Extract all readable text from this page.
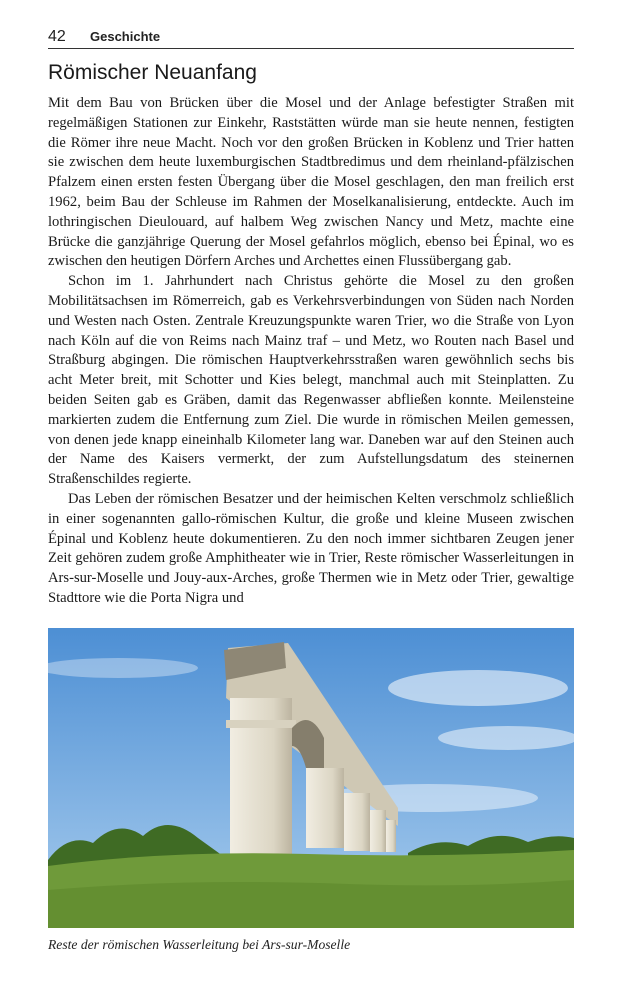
42 Geschichte
Römischer Neuanfang

Mit dem Bau von Brücken über die Mosel und der Anlage befestigter Straßen mit regelmäßigen Stationen zur Einkehr, Raststätten würde man sie heute nennen, festigten die Römer ihre neue Macht. Noch vor den großen Brücken in Koblenz und Trier hatten sie zwischen dem heute luxemburgischen Stadtbredimus und dem rheinland-pfälzischen Pfalzem einen ersten festen Übergang über die Mosel geschlagen, den man freilich erst 1962, beim Bau der Schleuse im Rahmen der Moselkanalisierung, entdeckte. Auch im lothringischen Dieulouard, auf halbem Weg zwischen Nancy und Metz, machte eine Brücke die ganzjährige Querung der Mosel gefahrlos möglich, ebenso bei Épinal, wo es zwischen den heutigen Dörfern Arches und Archettes einen Flussübergang gab.

Schon im 1. Jahrhundert nach Christus gehörte die Mosel zu den großen Mobilitätsachsen im Römerreich, gab es Verkehrsverbindungen von Süden nach Norden und Westen nach Osten. Zentrale Kreuzungspunkte waren Trier, wo die Straße von Lyon nach Köln auf die von Reims nach Mainz traf – und Metz, wo Routen nach Basel und Straßburg abgingen. Die römischen Hauptverkehrsstraßen waren gewöhnlich sechs bis acht Meter breit, mit Schotter und Kies belegt, manchmal auch mit Steinplatten. Zu beiden Seiten gab es Gräben, damit das Regenwasser abfließen konnte. Meilensteine markierten zudem die Entfernung zum Ziel. Die wurde in römischen Meilen gemessen, von denen jede knapp eineinhalb Kilometer lang war. Daneben war auf den Steinen auch der Name des Kaisers vermerkt, der zum Aufstellungsdatum des steinernen Straßenschildes regierte.

Das Leben der römischen Besatzer und der heimischen Kelten verschmolz schließlich in einer sogenannten gallo-römischen Kultur, die große und kleine Museen zwischen Épinal und Koblenz heute dokumentieren. Zu den noch immer sichtbaren Zeugen jener Zeit gehören zudem große Amphitheater wie in Trier, Reste römischer Wasserleitungen in Ars-sur-Moselle und Jouy-aux-Arches, große Thermen wie in Metz oder Trier, gewaltige Stadttore wie die Porta Nigra und

Reste der römischen Wasserleitung bei Ars-sur-Moselle
